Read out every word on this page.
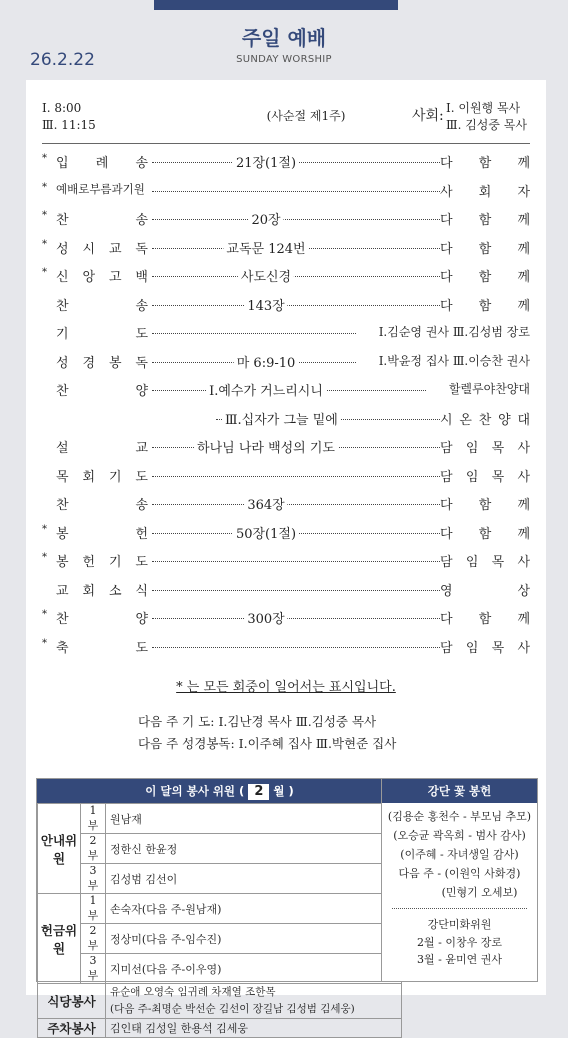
주일 예배
SUNDAY WORSHIP
26.2.22
Ⅰ. 8:00
Ⅲ. 11:15
(사순절 제1주)	사회: Ⅰ. 이원행 목사
Ⅲ. 김성중 목사
* 입 례 송	21장(1절)	다 함 께
* 예배로부름과기원	사 회 자
* 찬	송	20장	다 함 께
* 성 시 교 독	교독문 124번	다 함 께
* 신 앙 고 백	사도신경	다 함 께
찬	송	143장	다 함 께
기	도	Ⅰ.김순영 권사 Ⅲ.김성범 장로
성 경 봉 독	마 6:9-10	Ⅰ.박윤정 집사 Ⅲ.이승찬 권사
찬	양	Ⅰ.예수가 거느리시니	할렐루야찬양대
Ⅲ.십자가 그늘 밑에	시 온 찬 양 대
설	교	하나님 나라 백성의 기도	담 임 목 사
목 회 기 도	담 임 목 사
찬	송	364장	다 함 께
* 봉	헌	50장(1절)	다 함 께
* 봉 헌 기 도	담 임 목 사
교 회 소 식	영	상
* 찬	양	300장	다 함 께
* 축	도	담 임 목 사
* 는 모든 회중이 일어서는 표시입니다.
다음 주 기 도: Ⅰ.김난경 목사 Ⅲ.김성중 목사
다음 주 성경봉독: Ⅰ.이주혜 집사 Ⅲ.박현준 집사
이 달의 봉사 위원 ( 2 월 )
안내위원	1부	원남재
	2부	정한신 한윤정
	3부	김성범 김선이
헌금위원	1부	손숙자(다음 주-원남재)
	2부	정상미(다음 주-임수진)
	3부	지미선(다음 주-이우영)
식당봉사		유순애 오영숙 임귀례 차재열 조한목
(다음 주-최명순 박선순 김선이 장길남 김성범 김세웅)

주차봉사		김인태 김성일 한용석 김세웅
강단 꽃 봉헌
(김용순 홍천수 - 부모님 추모)
(오승균 곽옥희 - 범사 감사)
(이주혜 - 자녀생일 감사)
다음 주 - (이원익 사화경)
(민형기 오세보)
강단미화위원
2월 - 이창우 장로
3월 - 윤미연 권사
